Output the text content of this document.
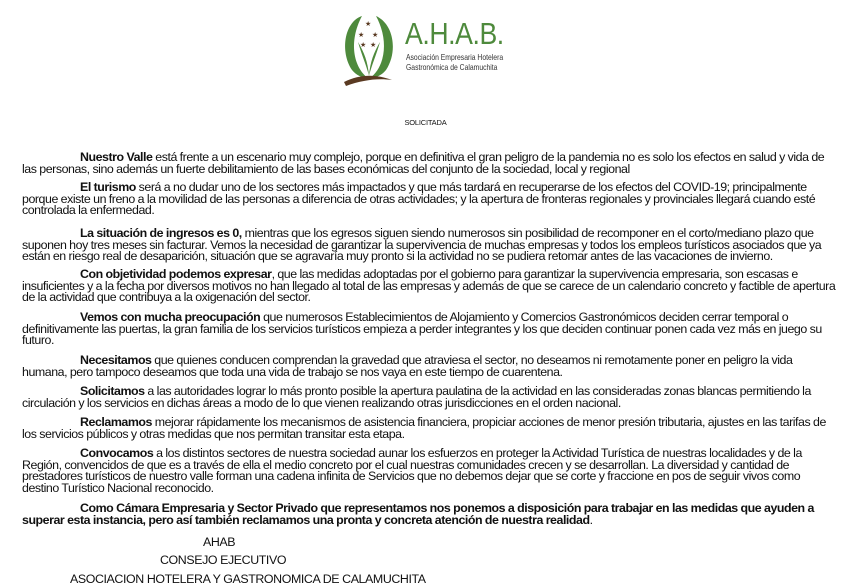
★
★ ★
★ ★ A.H.A.B.
Asociación Empresaria Hotelera
Gastronómica de Calamuchita
SOLICITADA
Nuestro Valle está frente a un escenario muy complejo, porque en definitiva el gran peligro de la pandemia no es solo los efectos en salud y vida de las personas, sino además un fuerte debilitamiento de las bases económicas del conjunto de la sociedad, local y regional
El turismo será a no dudar uno de los sectores más impactados y que más tardará en recuperarse de los efectos del COVID-19; principalmente porque existe un freno a la movilidad de las personas a diferencia de otras actividades; y la apertura de fronteras regionales y provinciales llegará cuando esté controlada la enfermedad.
La situación de ingresos es 0, mientras que los egresos siguen siendo numerosos sin posibilidad de recomponer en el corto/mediano plazo que suponen hoy tres meses sin facturar. Vemos la necesidad de garantizar la supervivencia de muchas empresas y todos los empleos turísticos asociados que ya están en riesgo real de desaparición, situación que se agravaría muy pronto si la actividad no se pudiera retomar antes de las vacaciones de invierno.
Con objetividad podemos expresar, que las medidas adoptadas por el gobierno para garantizar la supervivencia empresaria, son escasas e insuficientes y a la fecha por diversos motivos no han llegado al total de las empresas y además de que se carece de un calendario concreto y factible de apertura de la actividad que contribuya a la oxigenación del sector.
Vemos con mucha preocupación que numerosos Establecimientos de Alojamiento y Comercios Gastronómicos deciden cerrar temporal o definitivamente las puertas, la gran familia de los servicios turísticos empieza a perder integrantes y los que deciden continuar ponen cada vez más en juego su futuro.
Necesitamos que quienes conducen comprendan la gravedad que atraviesa el sector, no deseamos ni remotamente poner en peligro la vida humana, pero tampoco deseamos que toda una vida de trabajo se nos vaya en este tiempo de cuarentena.
Solicitamos a las autoridades lograr lo más pronto posible la apertura paulatina de la actividad en las consideradas zonas blancas permitiendo la circulación y los servicios en dichas áreas a modo de lo que vienen realizando otras jurisdicciones en el orden nacional.
Reclamamos mejorar rápidamente los mecanismos de asistencia financiera, propiciar acciones de menor presión tributaria, ajustes en las tarifas de los servicios públicos y otras medidas que nos permitan transitar esta etapa.
Convocamos a los distintos sectores de nuestra sociedad aunar los esfuerzos en proteger la Actividad Turística de nuestras localidades y de la Región, convencidos de que es a través de ella el medio concreto por el cual nuestras comunidades crecen y se desarrollan. La diversidad y cantidad de prestadores turísticos de nuestro valle forman una cadena infinita de Servicios que no debemos dejar que se corte y fraccione en pos de seguir vivos como destino Turístico Nacional reconocido.
Como Cámara Empresaria y Sector Privado que representamos nos ponemos a disposición para trabajar en las medidas que ayuden a superar esta instancia, pero así también reclamamos una pronta y concreta atención de nuestra realidad.
AHAB
CONSEJO EJECUTIVO
ASOCIACION HOTELERA Y GASTRONOMICA DE CALAMUCHITA
